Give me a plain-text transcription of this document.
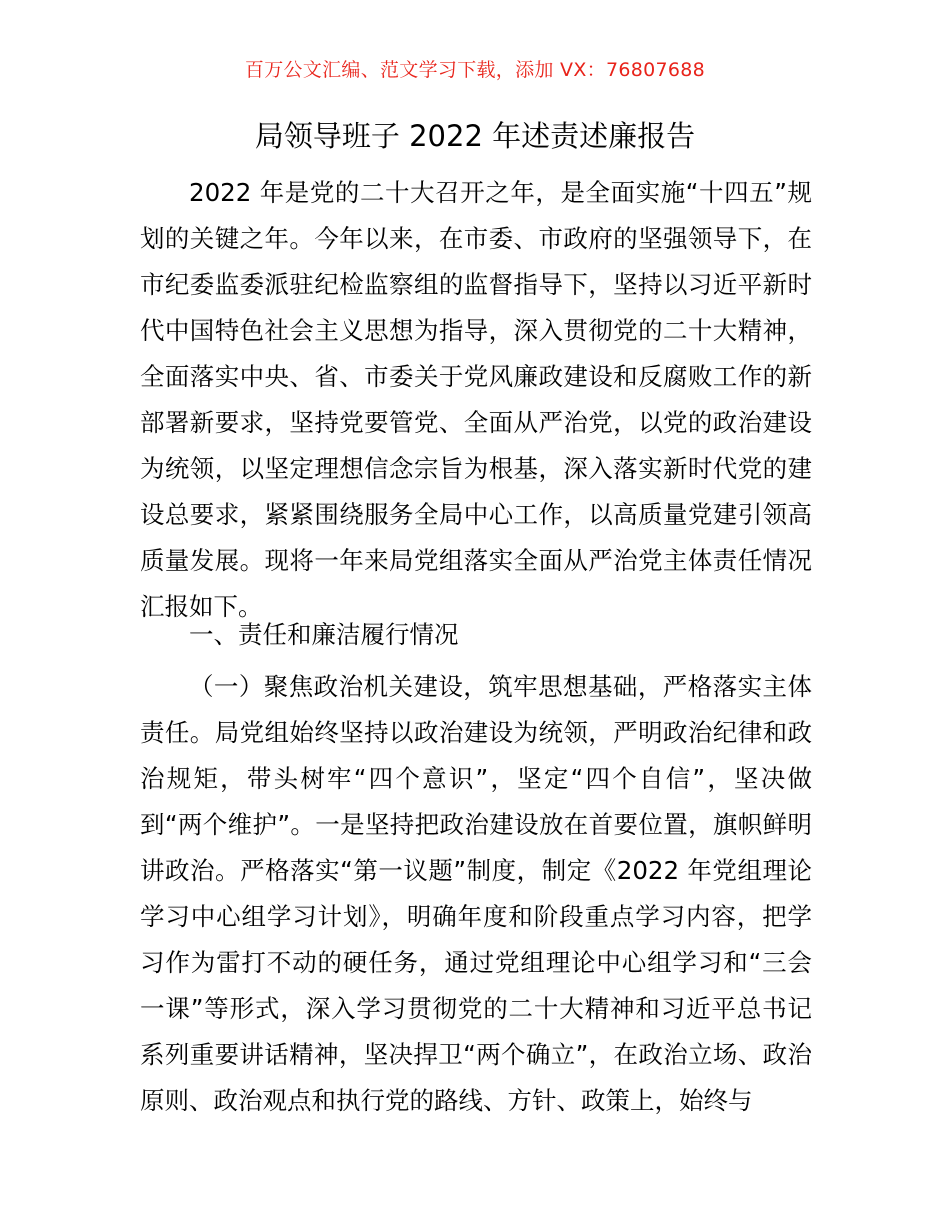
百万公文汇编、范文学习下载，添加 VX：76807688
局领导班子 2022 年述责述廉报告
2022 年是党的二十大召开之年，是全面实施“十四五”规划的关键之年。今年以来，在市委、市政府的坚强领导下，在市纪委监委派驻纪检监察组的监督指导下，坚持以习近平新时代中国特色社会主义思想为指导，深入贯彻党的二十大精神，全面落实中央、省、市委关于党风廉政建设和反腐败工作的新部署新要求，坚持党要管党、全面从严治党，以党的政治建设为统领，以坚定理想信念宗旨为根基，深入落实新时代党的建设总要求，紧紧围绕服务全局中心工作，以高质量党建引领高质量发展。现将一年来局党组落实全面从严治党主体责任情况汇报如下。
一、责任和廉洁履行情况
（一）聚焦政治机关建设，筑牢思想基础，严格落实主体责任。局党组始终坚持以政治建设为统领，严明政治纪律和政治规矩，带头树牢“四个意识”，坚定“四个自信”，坚决做到“两个维护”。一是坚持把政治建设放在首要位置，旗帜鲜明讲政治。严格落实“第一议题”制度，制定《2022 年党组理论学习中心组学习计划》，明确年度和阶段重点学习内容，把学习作为雷打不动的硬任务，通过党组理论中心组学习和“三会一课”等形式，深入学习贯彻党的二十大精神和习近平总书记系列重要讲话精神，坚决捍卫“两个确立”，在政治立场、政治原则、政治观点和执行党的路线、方针、政策上，始终与
